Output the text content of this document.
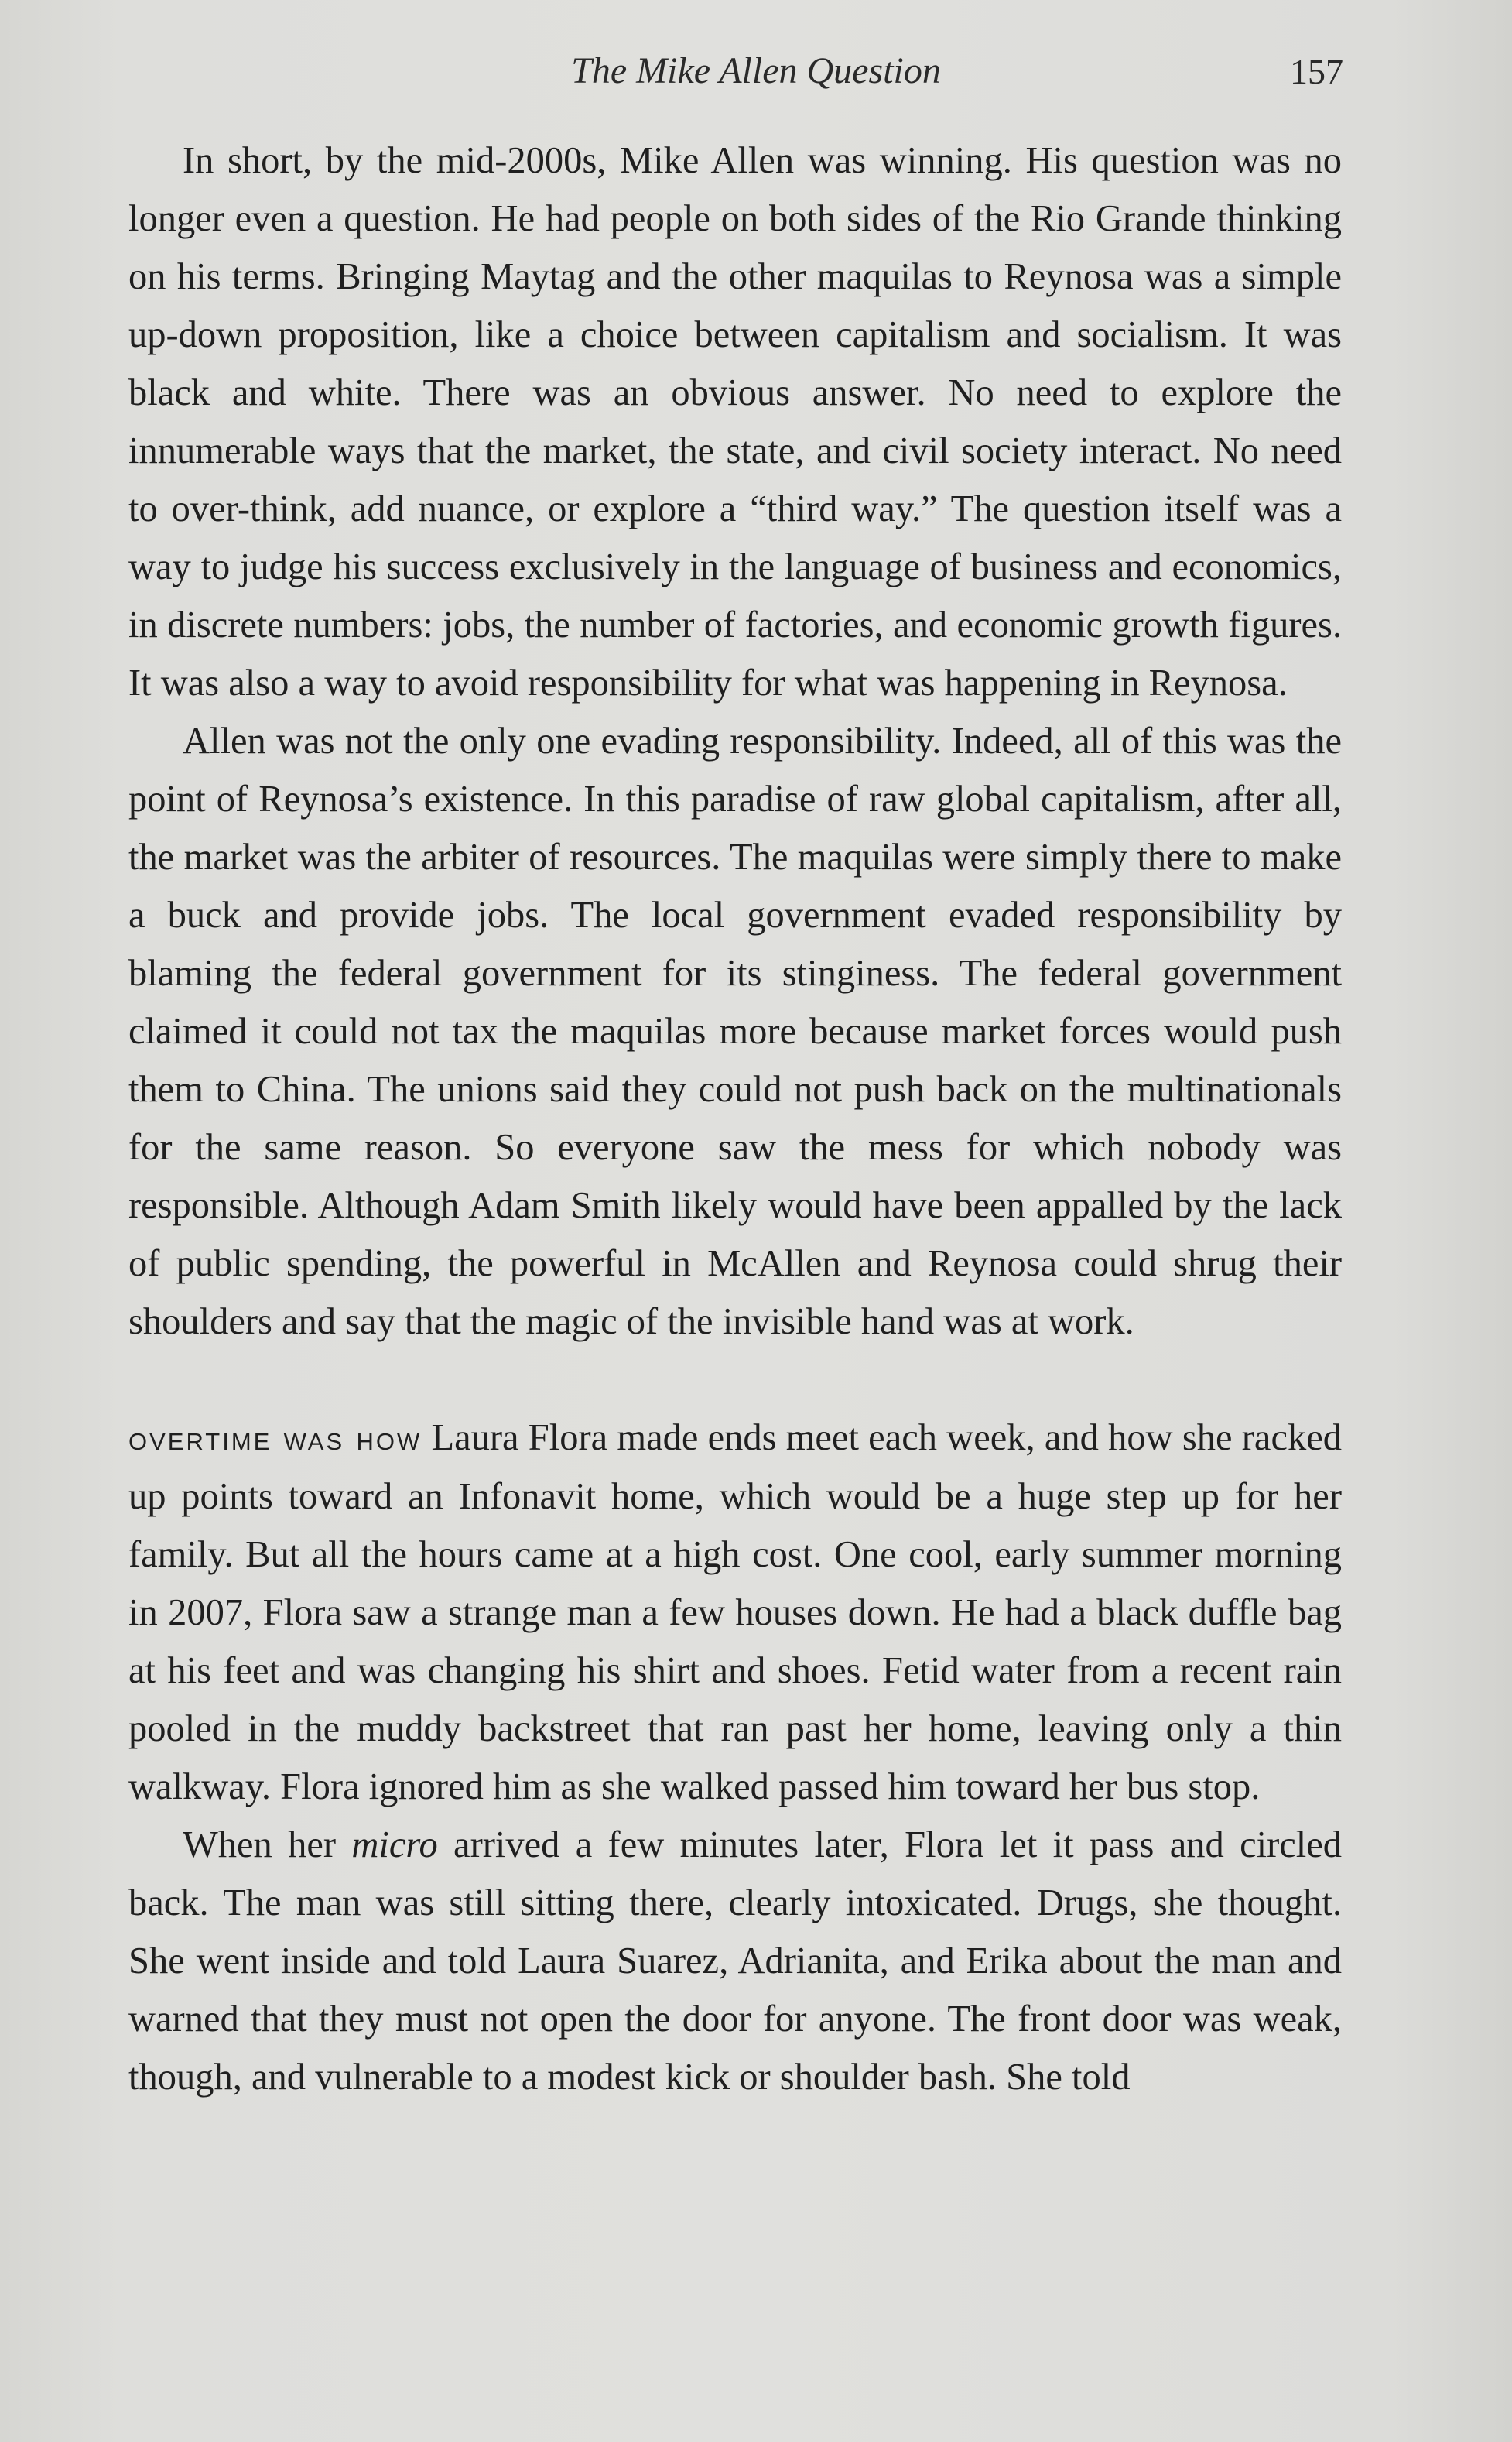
The Mike Allen Question	157

In short, by the mid-2000s, Mike Allen was winning. His question was no longer even a question. He had people on both sides of the Rio Grande thinking on his terms. Bringing Maytag and the other maquilas to Reynosa was a simple up-down proposition, like a choice between capitalism and socialism. It was black and white. There was an obvious answer. No need to explore the innumerable ways that the market, the state, and civil society interact. No need to over-think, add nuance, or explore a “third way.” The question itself was a way to judge his success exclusively in the language of business and economics, in discrete numbers: jobs, the number of factories, and economic growth figures. It was also a way to avoid responsibility for what was happening in Reynosa.

Allen was not the only one evading responsibility. Indeed, all of this was the point of Reynosa’s existence. In this paradise of raw global capitalism, after all, the market was the arbiter of resources. The maquilas were simply there to make a buck and provide jobs. The local government evaded responsibility by blaming the federal government for its stinginess. The federal government claimed it could not tax the maquilas more because market forces would push them to China. The unions said they could not push back on the multinationals for the same reason. So everyone saw the mess for which nobody was responsible. Although Adam Smith likely would have been appalled by the lack of public spending, the powerful in McAllen and Reynosa could shrug their shoulders and say that the magic of the invisible hand was at work.

overtime was how Laura Flora made ends meet each week, and how she racked up points toward an Infonavit home, which would be a huge step up for her family. But all the hours came at a high cost. One cool, early summer morning in 2007, Flora saw a strange man a few houses down. He had a black duffle bag at his feet and was changing his shirt and shoes. Fetid water from a recent rain pooled in the muddy backstreet that ran past her home, leaving only a thin walkway. Flora ignored him as she walked passed him toward her bus stop.

When her micro arrived a few minutes later, Flora let it pass and circled back. The man was still sitting there, clearly intoxicated. Drugs, she thought. She went inside and told Laura Suarez, Adrianita, and Erika about the man and warned that they must not open the door for anyone. The front door was weak, though, and vulnerable to a modest kick or shoulder bash. She told
